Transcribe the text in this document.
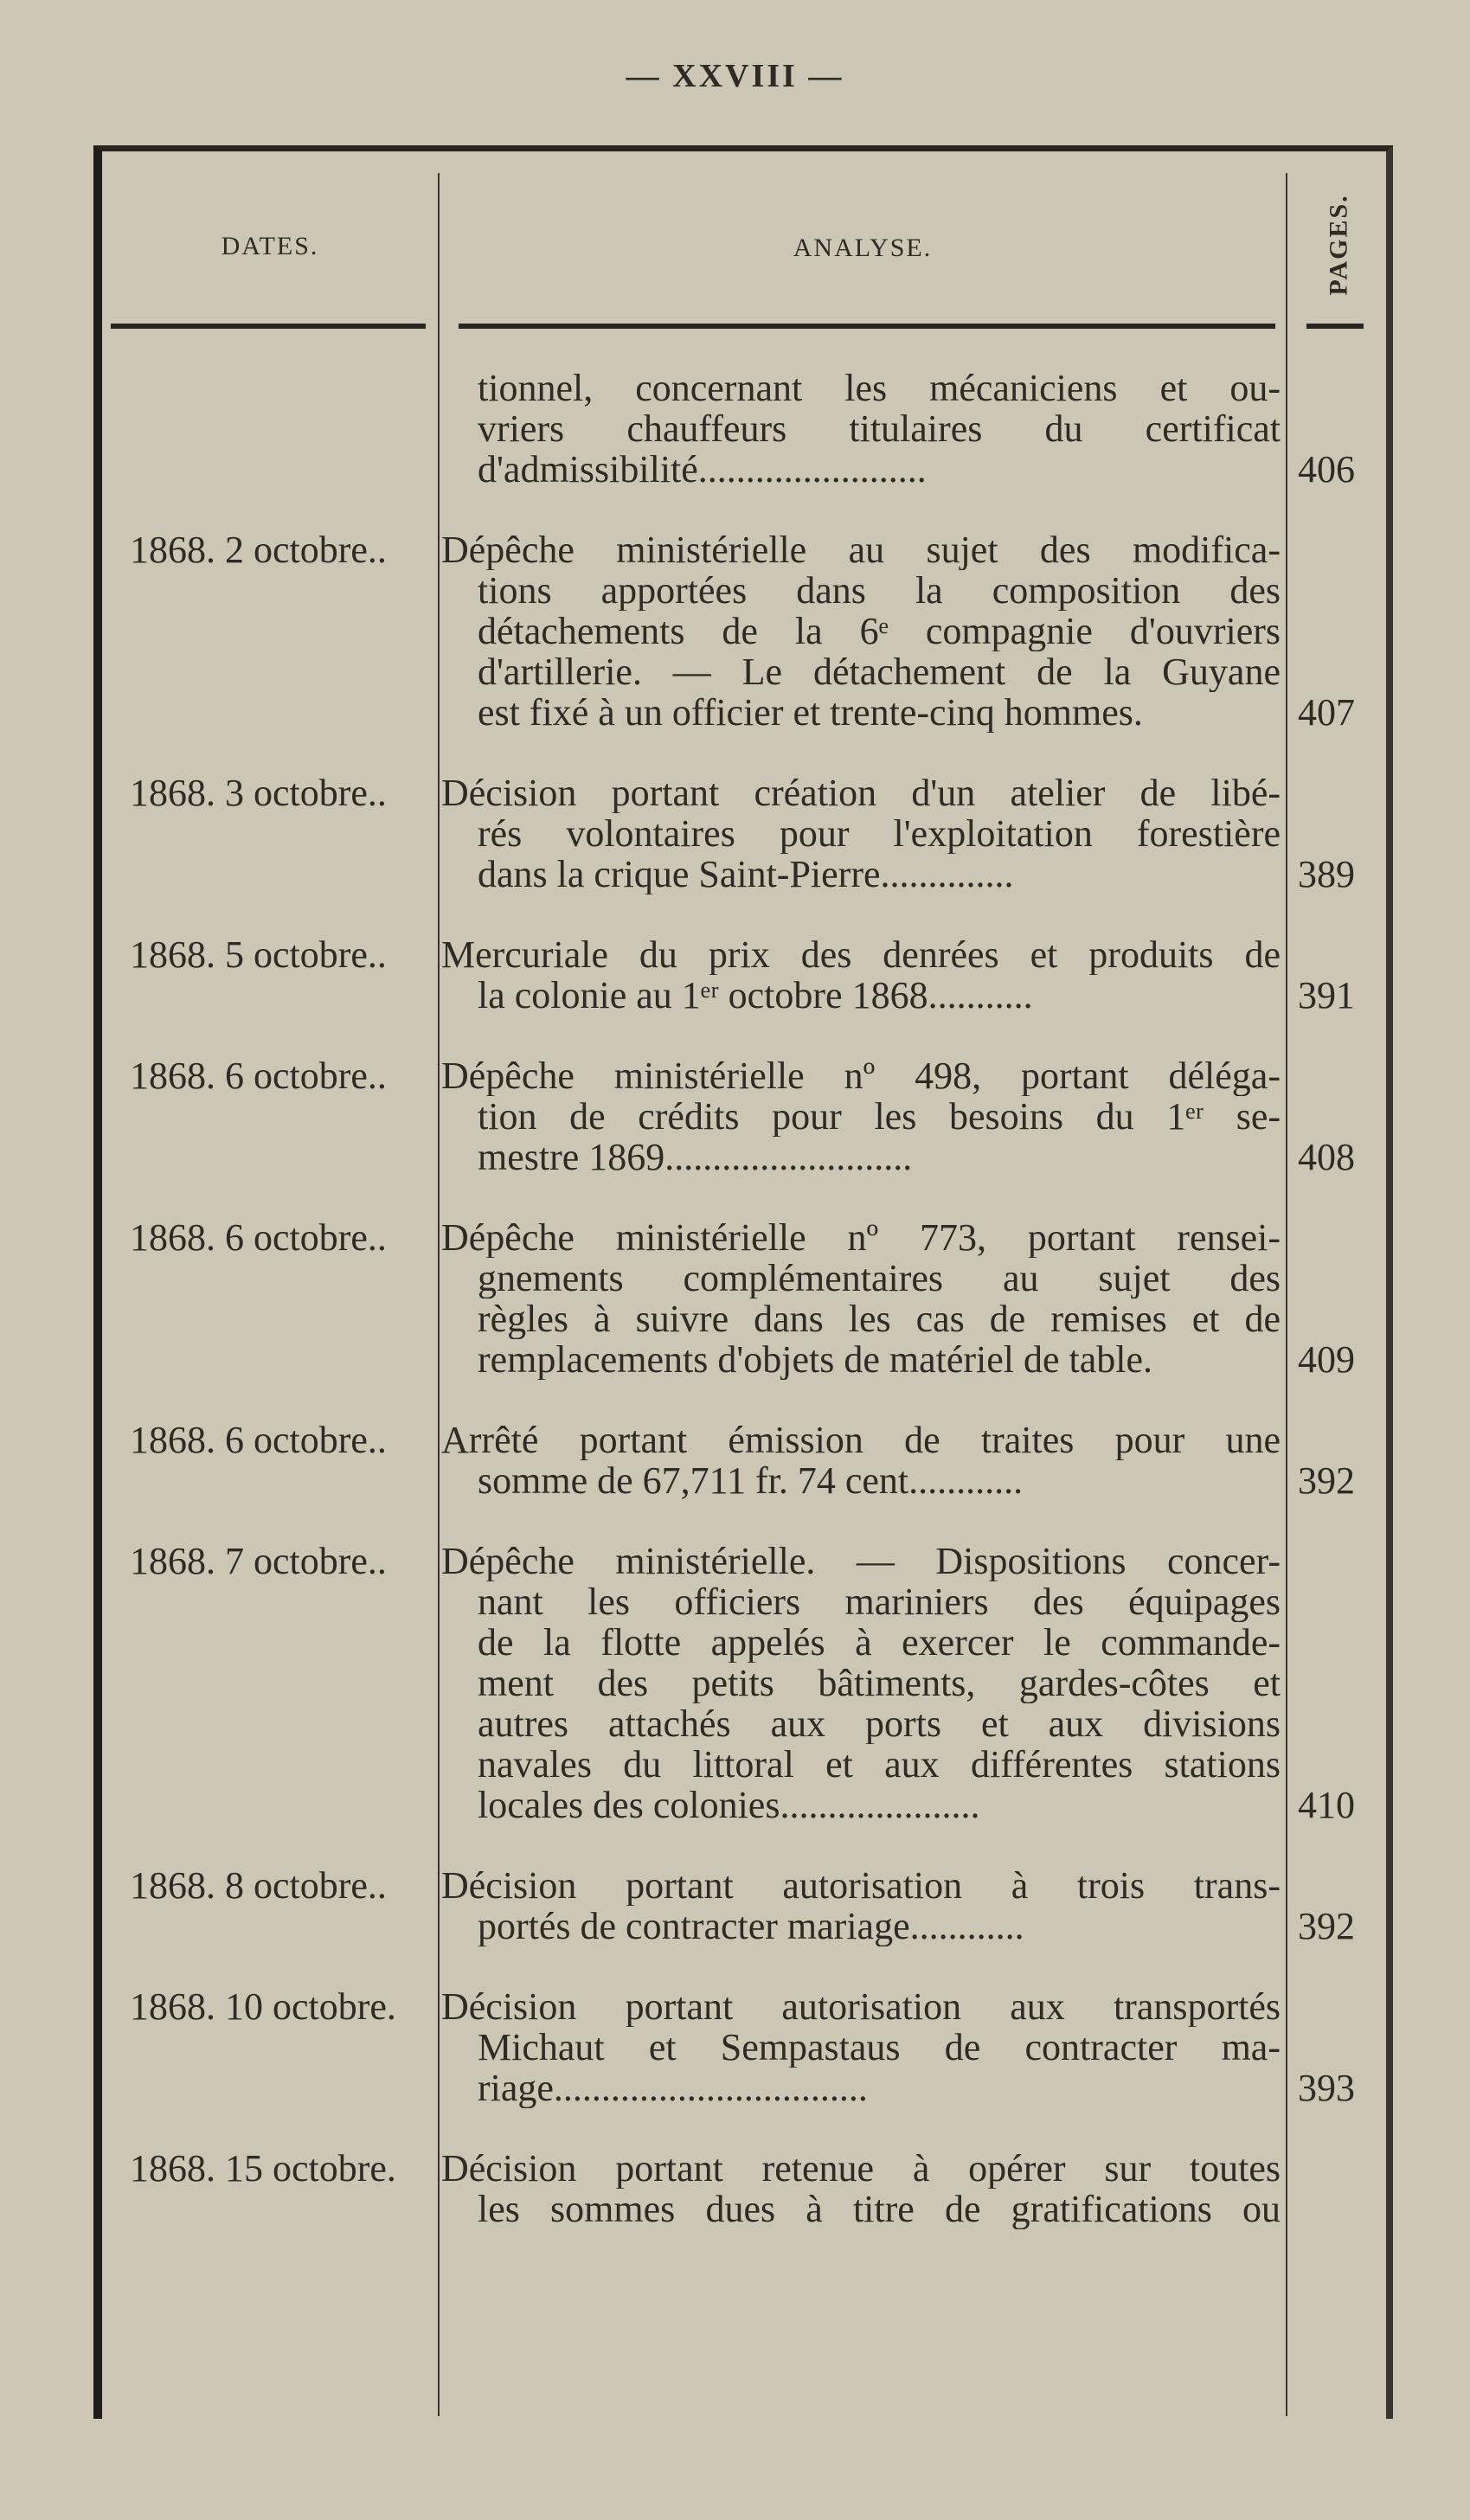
— XXVIII —
DATES.	ANALYSE.	PAGES.
tionnel, concernant les mécaniciens et ou-
vriers chauffeurs titulaires du certificat
d'admissibilité........................	406
1868. 2 octobre..	Dépêche ministérielle au sujet des modifica-
tions apportées dans la composition des
détachements de la 6ᵉ compagnie d'ouvriers
d'artillerie. — Le détachement de la Guyane
est fixé à un officier et trente-cinq hommes.	407
1868. 3 octobre..	Décision portant création d'un atelier de libé-
rés volontaires pour l'exploitation forestière
dans la crique Saint-Pierre..............	389
1868. 5 octobre..	Mercuriale du prix des denrées et produits de
la colonie au 1ᵉʳ octobre 1868...........	391
1868. 6 octobre..	Dépêche ministérielle nº 498, portant déléga-
tion de crédits pour les besoins du 1ᵉʳ se-
mestre 1869..........................	408
1868. 6 octobre..	Dépêche ministérielle nº 773, portant rensei-
gnements complémentaires au sujet des
règles à suivre dans les cas de remises et de
remplacements d'objets de matériel de table.	409
1868. 6 octobre..	Arrêté portant émission de traites pour une
somme de 67,711 fr. 74 cent............	392
1868. 7 octobre..	Dépêche ministérielle. — Dispositions concer-
nant les officiers mariniers des équipages
de la flotte appelés à exercer le commande-
ment des petits bâtiments, gardes-côtes et
autres attachés aux ports et aux divisions
navales du littoral et aux différentes stations
locales des colonies.....................	410
1868. 8 octobre..	Décision portant autorisation à trois trans-
portés de contracter mariage............	392
1868. 10 octobre.	Décision portant autorisation aux transportés
Michaut et Sempastaus de contracter ma-
riage.................................	393
1868. 15 octobre.	Décision portant retenue à opérer sur toutes
les sommes dues à titre de gratifications ou
